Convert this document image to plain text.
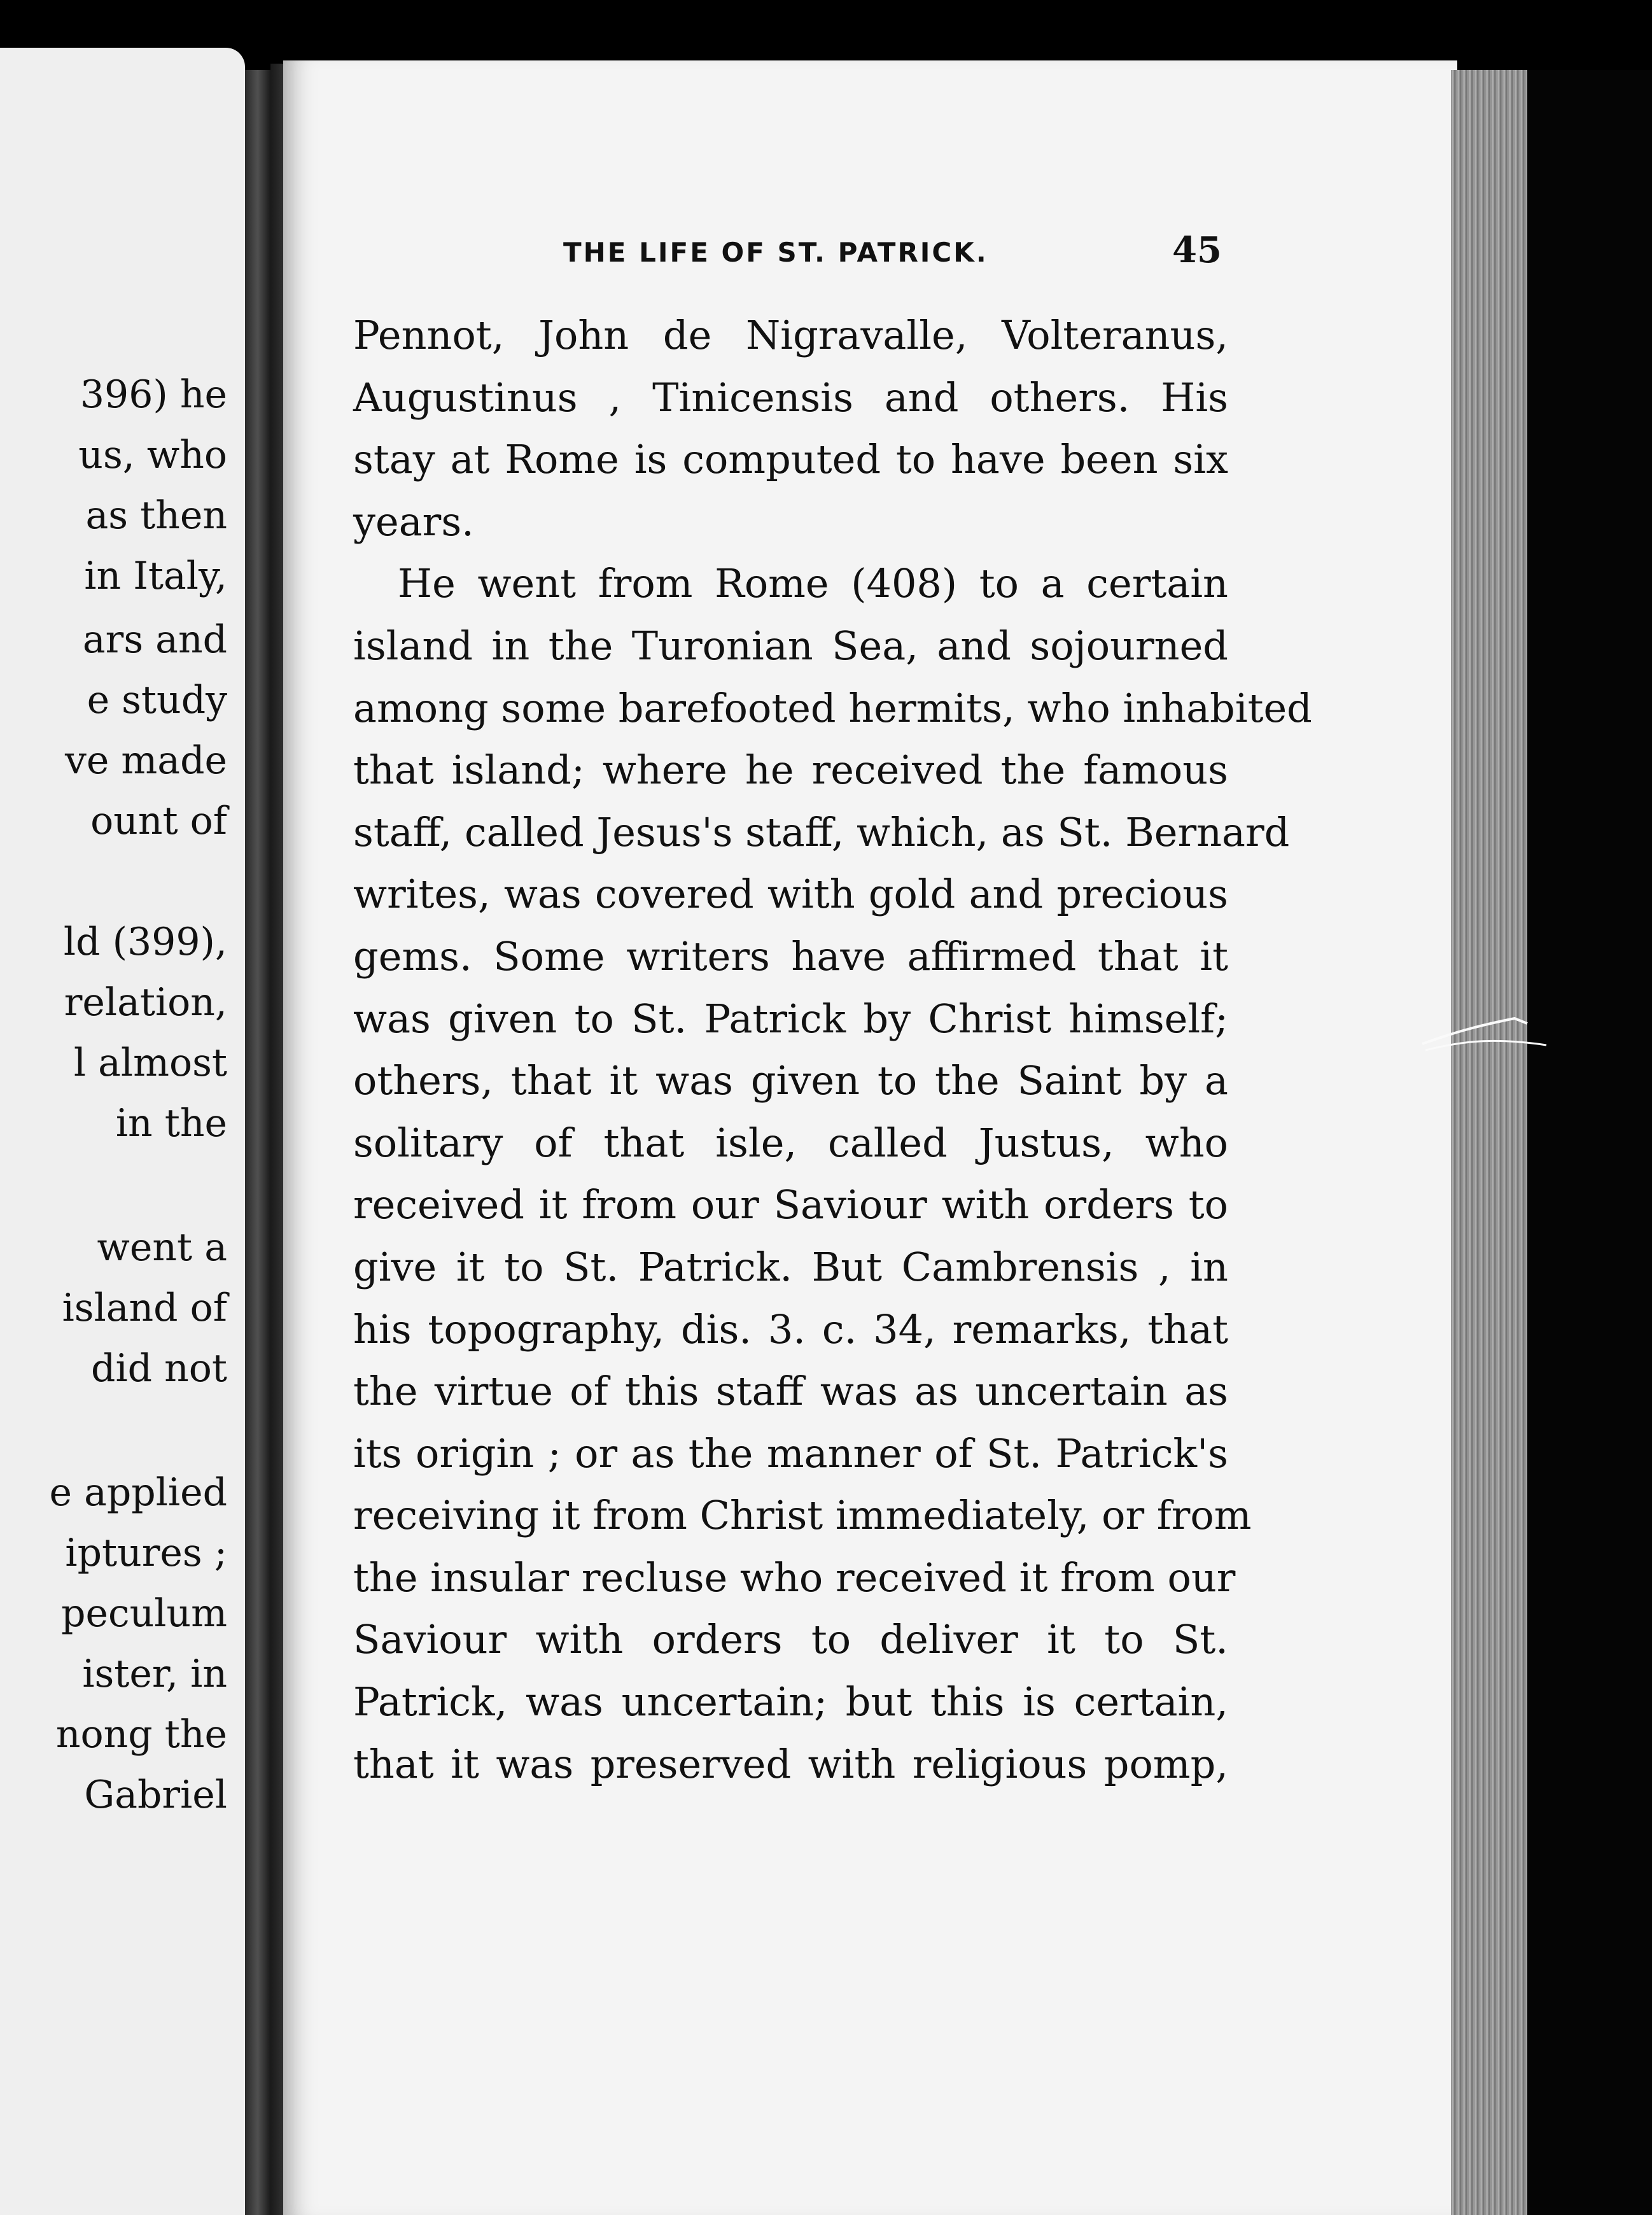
396) he
us, who
as then
in Italy,
ars and
e study
ve made
ount of
ld (399),
relation,
l almost
in the
went a
island of
did not
e applied
iptures ;
peculum
ister, in
nong the
Gabriel
THE LIFE OF ST. PATRICK.	45
Pennot, John de Nigravalle, Volteranus,
Augustinus , Tinicensis and others. His
stay at Rome is computed to have been six
years.
He went from Rome (408) to a certain
island in the Turonian Sea, and sojourned
among some barefooted hermits, who inhabited
that island; where he received the famous
staff, called Jesus's staff, which, as St. Bernard
writes, was covered with gold and precious
gems. Some writers have affirmed that it
was given to St. Patrick by Christ himself;
others, that it was given to the Saint by a
solitary of that isle, called Justus, who
received it from our Saviour with orders to
give it to St. Patrick. But Cambrensis , in
his topography, dis. 3. c. 34, remarks, that
the virtue of this staff was as uncertain as
its origin ; or as the manner of St. Patrick's
receiving it from Christ immediately, or from
the insular recluse who received it from our
Saviour with orders to deliver it to St.
Patrick, was uncertain; but this is certain,
that it was preserved with religious pomp,
